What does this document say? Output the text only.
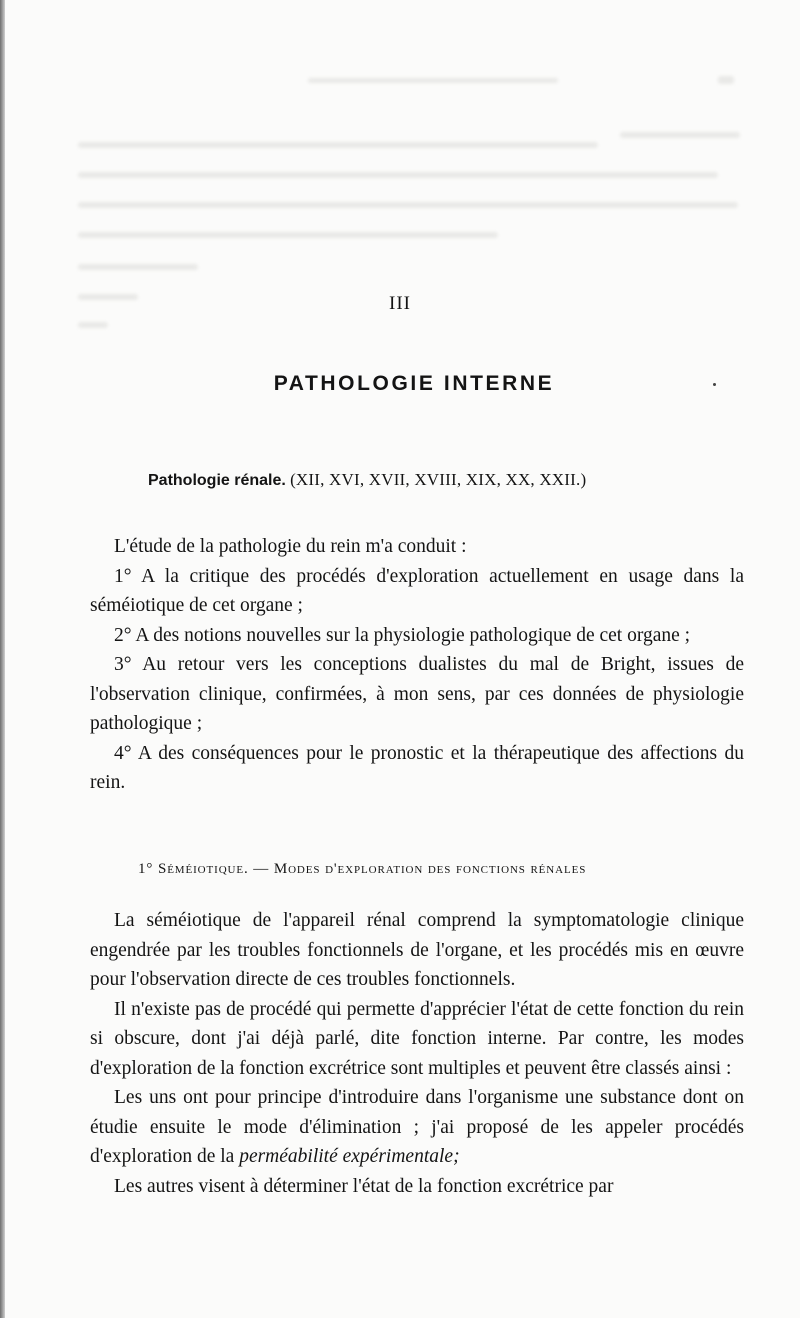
III
PATHOLOGIE INTERNE
Pathologie rénale. (XII, XVI, XVII, XVIII, XIX, XX, XXII.)

L'étude de la pathologie du rein m'a conduit :

1° A la critique des procédés d'exploration actuellement en usage dans la séméiotique de cet organe ;

2° A des notions nouvelles sur la physiologie pathologique de cet organe ;

3° Au retour vers les conceptions dualistes du mal de Bright, issues de l'observation clinique, confirmées, à mon sens, par ces données de physiologie pathologique ;

4° A des conséquences pour le pronostic et la thérapeutique des affections du rein.

1° Séméiotique. — Modes d'exploration des fonctions rénales

La séméiotique de l'appareil rénal comprend la symptomatologie clinique engendrée par les troubles fonctionnels de l'organe, et les procédés mis en œuvre pour l'observation directe de ces troubles fonctionnels.

Il n'existe pas de procédé qui permette d'apprécier l'état de cette fonction du rein si obscure, dont j'ai déjà parlé, dite fonction interne. Par contre, les modes d'exploration de la fonction excrétrice sont multiples et peuvent être classés ainsi :

Les uns ont pour principe d'introduire dans l'organisme une substance dont on étudie ensuite le mode d'élimination ; j'ai proposé de les appeler procédés d'exploration de la perméabilité expérimentale;

Les autres visent à déterminer l'état de la fonction excrétrice par
